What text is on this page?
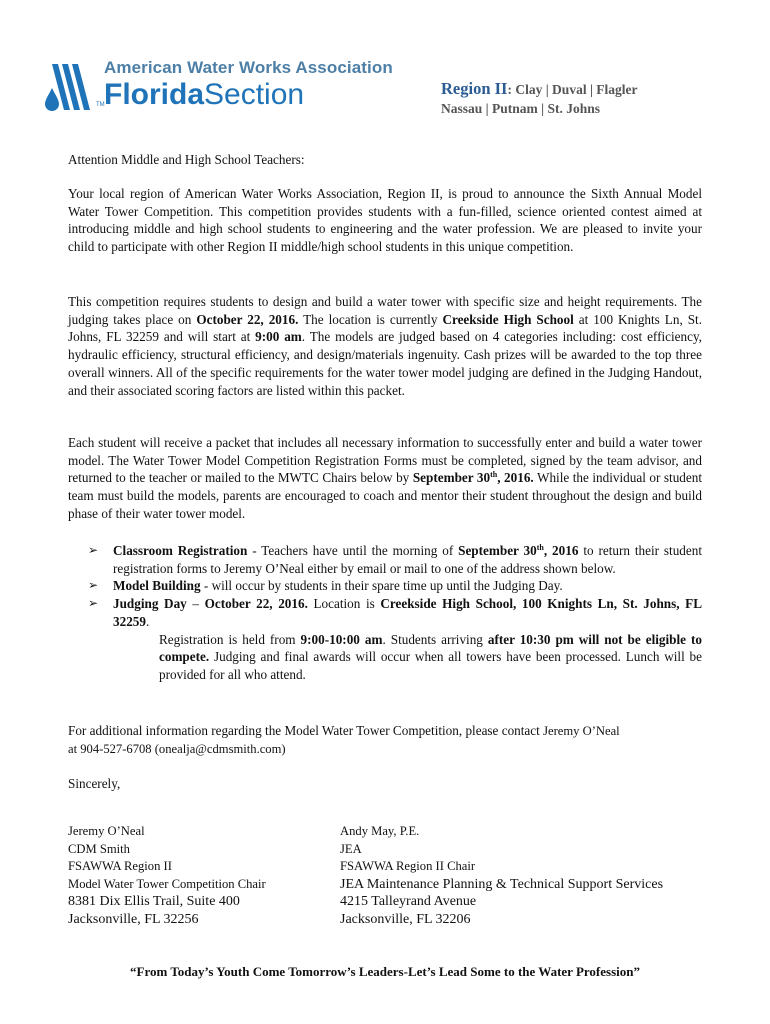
TM
American Water Works Association
FloridaSection	Region II: Clay | Duval | Flagler
Nassau | Putnam | St. Johns
Attention Middle and High School Teachers:
Your local region of American Water Works Association, Region II, is proud to announce the Sixth Annual Model Water Tower Competition. This competition provides students with a fun-filled, science oriented contest aimed at introducing middle and high school students to engineering and the water profession. We are pleased to invite your child to participate with other Region II middle/high school students in this unique competition.
This competition requires students to design and build a water tower with specific size and height requirements. The judging takes place on October 22, 2016. The location is currently Creekside High School at 100 Knights Ln, St. Johns, FL 32259 and will start at 9:00 am. The models are judged based on 4 categories including: cost efficiency, hydraulic efficiency, structural efficiency, and design/materials ingenuity. Cash prizes will be awarded to the top three overall winners. All of the specific requirements for the water tower model judging are defined in the Judging Handout, and their associated scoring factors are listed within this packet.
Each student will receive a packet that includes all necessary information to successfully enter and build a water tower model. The Water Tower Model Competition Registration Forms must be completed, signed by the team advisor, and returned to the teacher or mailed to the MWTC Chairs below by September 30th, 2016. While the individual or student team must build the models, parents are encouraged to coach and mentor their student throughout the design and build phase of their water tower model.
➢ Classroom Registration - Teachers have until the morning of September 30th, 2016 to return their student registration forms to Jeremy O’Neal either by email or mail to one of the address shown below.
➢ Model Building - will occur by students in their spare time up until the Judging Day.
➢ Judging Day – October 22, 2016. Location is Creekside High School, 100 Knights Ln, St. Johns, FL 32259.
Registration is held from 9:00-10:00 am. Students arriving after 10:30 pm will not be eligible to compete. Judging and final awards will occur when all towers have been processed. Lunch will be provided for all who attend.
For additional information regarding the Model Water Tower Competition, please contact Jeremy O’Neal
at 904-527-6708 (onealja@cdmsmith.com)
Sincerely,
Jeremy O’Neal
CDM Smith
FSAWWA Region II
Model Water Tower Competition Chair
8381 Dix Ellis Trail, Suite 400
Jacksonville, FL 32256
Andy May, P.E.
JEA
FSAWWA Region II Chair
JEA Maintenance Planning & Technical Support Services
4215 Talleyrand Avenue
Jacksonville, FL 32206
“From Today’s Youth Come Tomorrow’s Leaders-Let’s Lead Some to the Water Profession”
